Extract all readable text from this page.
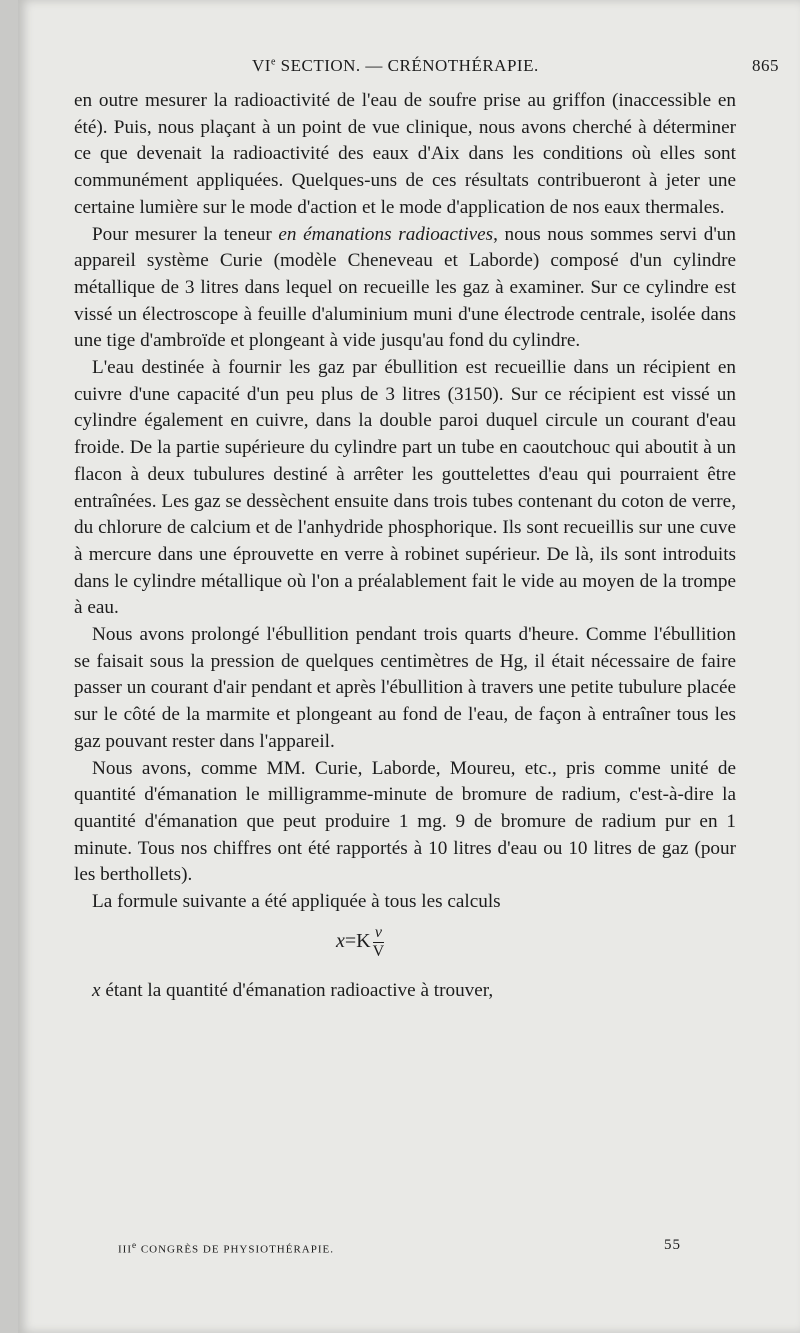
VIe SECTION. — CRÉNOTHÉRAPIE.	865

en outre mesurer la radioactivité de l'eau de soufre prise au griffon (inaccessible en été). Puis, nous plaçant à un point de vue clinique, nous avons cherché à déterminer ce que devenait la radioactivité des eaux d'Aix dans les conditions où elles sont communément appliquées. Quelques-uns de ces résultats contribueront à jeter une certaine lumière sur le mode d'action et le mode d'application de nos eaux thermales.

Pour mesurer la teneur en émanations radioactives, nous nous sommes servi d'un appareil système Curie (modèle Cheneveau et Laborde) composé d'un cylindre métallique de 3 litres dans lequel on recueille les gaz à examiner. Sur ce cylindre est vissé un électroscope à feuille d'aluminium muni d'une électrode centrale, isolée dans une tige d'ambroïde et plongeant à vide jusqu'au fond du cylindre.

L'eau destinée à fournir les gaz par ébullition est recueillie dans un récipient en cuivre d'une capacité d'un peu plus de 3 litres (3150). Sur ce récipient est vissé un cylindre également en cuivre, dans la double paroi duquel circule un courant d'eau froide. De la partie supérieure du cylindre part un tube en caoutchouc qui aboutit à un flacon à deux tubulures destiné à arrêter les gouttelettes d'eau qui pourraient être entraînées. Les gaz se dessèchent ensuite dans trois tubes contenant du coton de verre, du chlorure de calcium et de l'anhydride phosphorique. Ils sont recueillis sur une cuve à mercure dans une éprouvette en verre à robinet supérieur. De là, ils sont introduits dans le cylindre métallique où l'on a préalablement fait le vide au moyen de la trompe à eau.

Nous avons prolongé l'ébullition pendant trois quarts d'heure. Comme l'ébullition se faisait sous la pression de quelques centimètres de Hg, il était nécessaire de faire passer un courant d'air pendant et après l'ébullition à travers une petite tubulure placée sur le côté de la marmite et plongeant au fond de l'eau, de façon à entraîner tous les gaz pouvant rester dans l'appareil.

Nous avons, comme MM. Curie, Laborde, Moureu, etc., pris comme unité de quantité d'émanation le milligramme-minute de bromure de radium, c'est-à-dire la quantité d'émanation que peut produire 1 mg. 9 de bromure de radium pur en 1 minute. Tous nos chiffres ont été rapportés à 10 litres d'eau ou 10 litres de gaz (pour les berthollets).

La formule suivante a été appliquée à tous les calculs

$x=K \frac{v}{V}$

x étant la quantité d'émanation radioactive à trouver,

IIIe CONGRÈS DE PHYSIOTHÉRAPIE.	55
